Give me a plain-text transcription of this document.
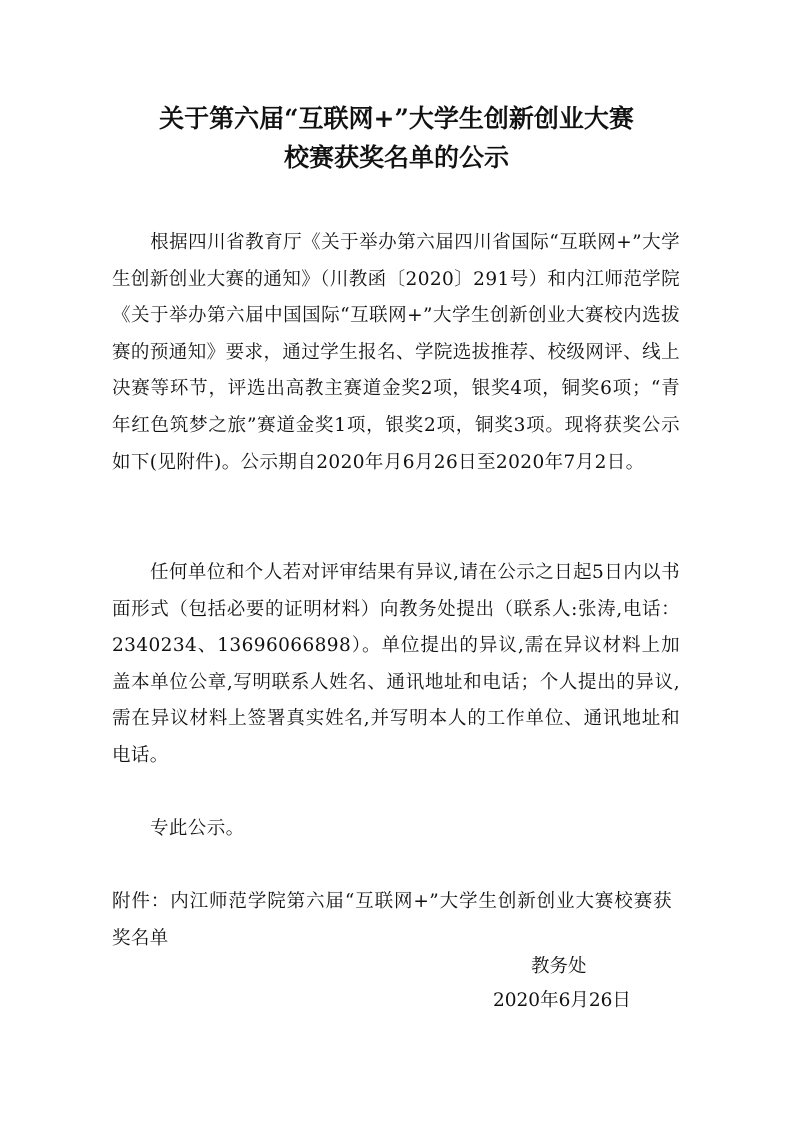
关于第六届“互联网+”大学生创新创业大赛
校赛获奖名单的公示

根据四川省教育厅《关于举办第六届四川省国际“互联网+”大学生创新创业大赛的通知》（川教函〔2020〕291号）和内江师范学院《关于举办第六届中国国际“互联网+”大学生创新创业大赛校内选拔赛的预通知》要求，通过学生报名、学院选拔推荐、校级网评、线上决赛等环节，评选出高教主赛道金奖2项，银奖4项，铜奖6项；“青年红色筑梦之旅”赛道金奖1项，银奖2项，铜奖3项。现将获奖公示如下(见附件)。公示期自2020年月6月26日至2020年7月2日。

任何单位和个人若对评审结果有异议,请在公示之日起5日内以书面形式（包括必要的证明材料）向教务处提出（联系人:张涛,电话：2340234、13696066898）。单位提出的异议,需在异议材料上加盖本单位公章,写明联系人姓名、通讯地址和电话；个人提出的异议,需在异议材料上签署真实姓名,并写明本人的工作单位、通讯地址和电话。

专此公示。

附件：内江师范学院第六届“互联网+”大学生创新创业大赛校赛获奖名单

教务处
2020年6月26日
